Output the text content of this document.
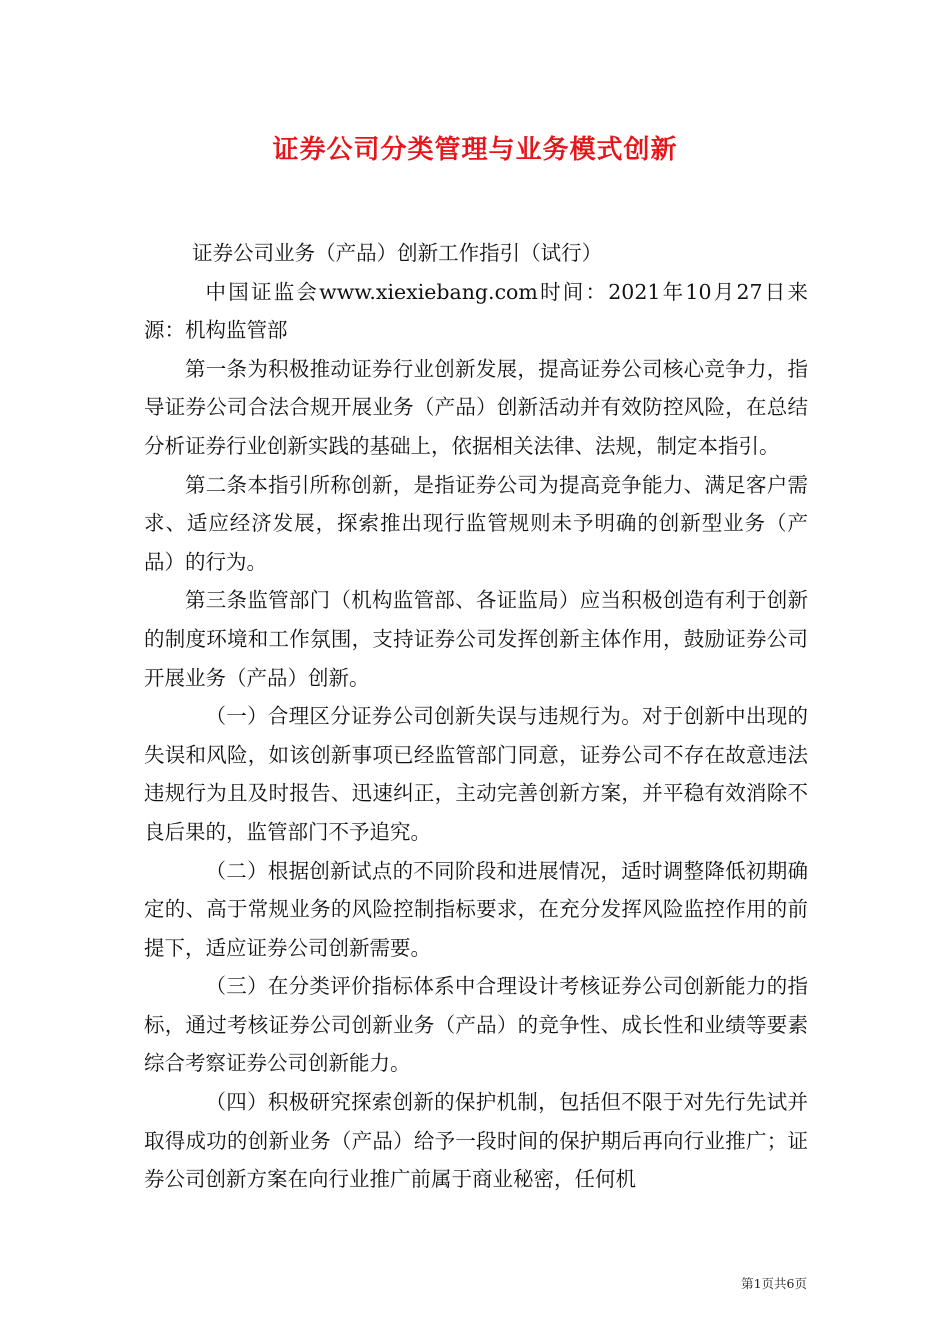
证券公司分类管理与业务模式创新

证券公司业务（产品）创新工作指引（试行）

中国证监会www.xiexiebang.com时间：2021年10月27日来源：机构监管部

第一条为积极推动证券行业创新发展，提高证券公司核心竞争力，指导证券公司合法合规开展业务（产品）创新活动并有效防控风险，在总结分析证券行业创新实践的基础上，依据相关法律、法规，制定本指引。

第二条本指引所称创新，是指证券公司为提高竞争能力、满足客户需求、适应经济发展，探索推出现行监管规则未予明确的创新型业务（产品）的行为。

第三条监管部门（机构监管部、各证监局）应当积极创造有利于创新的制度环境和工作氛围，支持证券公司发挥创新主体作用，鼓励证券公司开展业务（产品）创新。

（一）合理区分证券公司创新失误与违规行为。对于创新中出现的失误和风险，如该创新事项已经监管部门同意，证券公司不存在故意违法违规行为且及时报告、迅速纠正，主动完善创新方案，并平稳有效消除不良后果的，监管部门不予追究。

（二）根据创新试点的不同阶段和进展情况，适时调整降低初期确定的、高于常规业务的风险控制指标要求，在充分发挥风险监控作用的前提下，适应证券公司创新需要。

（三）在分类评价指标体系中合理设计考核证券公司创新能力的指标，通过考核证券公司创新业务（产品）的竞争性、成长性和业绩等要素综合考察证券公司创新能力。

（四）积极研究探索创新的保护机制，包括但不限于对先行先试并取得成功的创新业务（产品）给予一段时间的保护期后再向行业推广；证券公司创新方案在向行业推广前属于商业秘密，任何机

第1页共6页
